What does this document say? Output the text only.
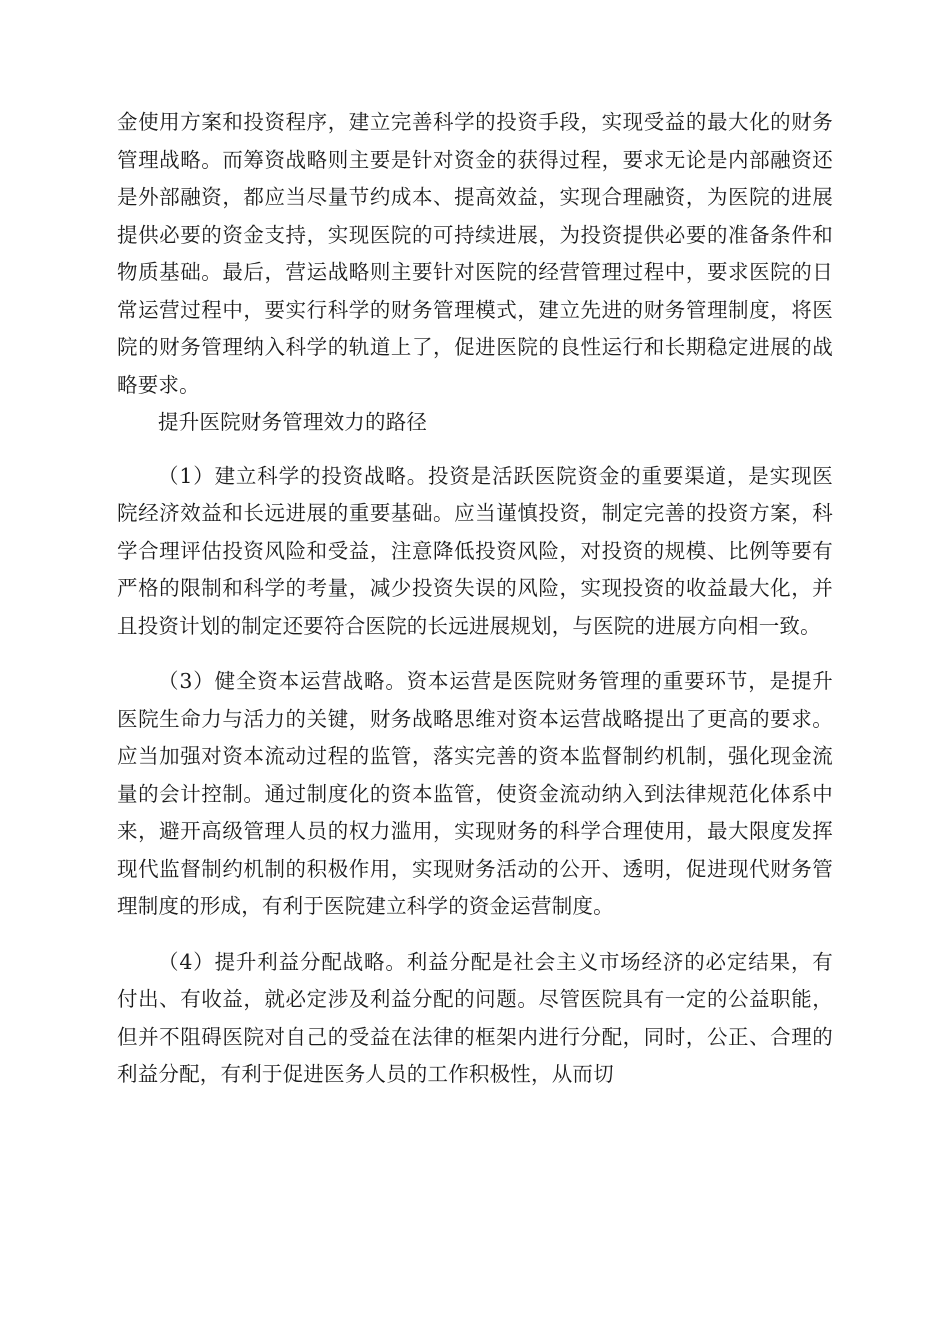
金使用方案和投资程序，建立完善科学的投资手段，实现受益的最大化的财务管理战略。而筹资战略则主要是针对资金的获得过程，要求无论是内部融资还是外部融资，都应当尽量节约成本、提高效益，实现合理融资，为医院的进展提供必要的资金支持，实现医院的可持续进展，为投资提供必要的准备条件和物质基础。最后，营运战略则主要针对医院的经营管理过程中，要求医院的日常运营过程中，要实行科学的财务管理模式，建立先进的财务管理制度，将医院的财务管理纳入科学的轨道上了，促进医院的良性运行和长期稳定进展的战略要求。

提升医院财务管理效力的路径

（1）建立科学的投资战略。投资是活跃医院资金的重要渠道，是实现医院经济效益和长远进展的重要基础。应当谨慎投资，制定完善的投资方案，科学合理评估投资风险和受益，注意降低投资风险，对投资的规模、比例等要有严格的限制和科学的考量，减少投资失误的风险，实现投资的收益最大化，并且投资计划的制定还要符合医院的长远进展规划，与医院的进展方向相一致。

（3）健全资本运营战略。资本运营是医院财务管理的重要环节，是提升医院生命力与活力的关键，财务战略思维对资本运营战略提出了更高的要求。应当加强对资本流动过程的监管，落实完善的资本监督制约机制，强化现金流量的会计控制。通过制度化的资本监管，使资金流动纳入到法律规范化体系中来，避开高级管理人员的权力滥用，实现财务的科学合理使用，最大限度发挥现代监督制约机制的积极作用，实现财务活动的公开、透明，促进现代财务管理制度的形成，有利于医院建立科学的资金运营制度。

（4）提升利益分配战略。利益分配是社会主义市场经济的必定结果，有付出、有收益，就必定涉及利益分配的问题。尽管医院具有一定的公益职能，但并不阻碍医院对自己的受益在法律的框架内进行分配，同时，公正、合理的利益分配，有利于促进医务人员的工作积极性，从而切
